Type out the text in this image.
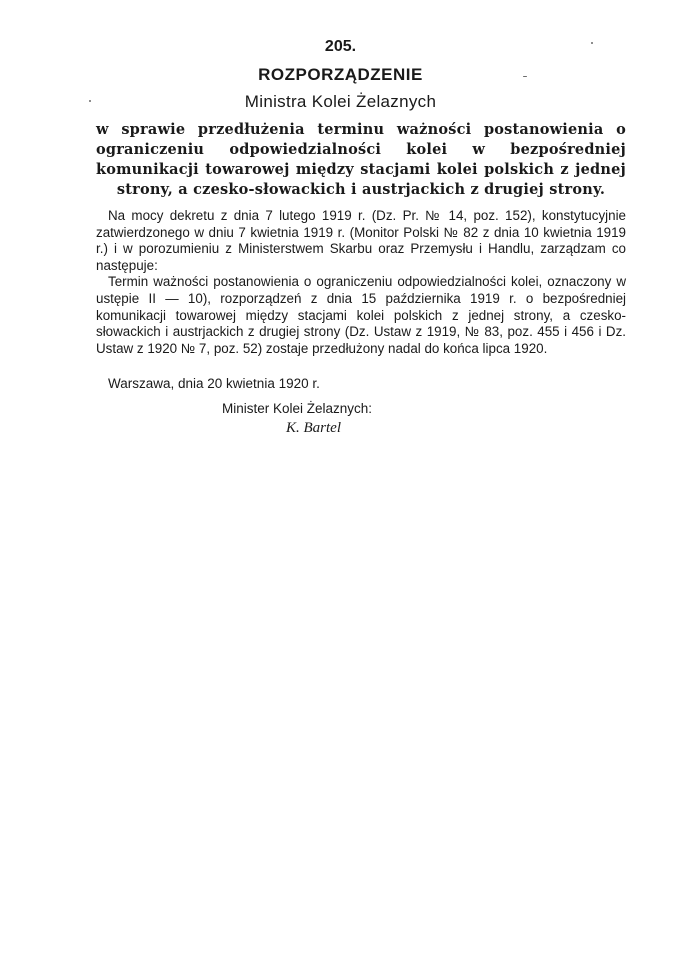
205.
ROZPORZĄDZENIE
Ministra Kolei Żelaznych
w sprawie przedłużenia terminu ważności postanowienia o ograniczeniu odpowiedzialności kolei w bezpośredniej komunikacji towarowej między stacjami kolei polskich z jednej strony, a czesko-słowackich i austrjackich z drugiej strony.

Na mocy dekretu z dnia 7 lutego 1919 r. (Dz. Pr. № 14, poz. 152), konstytucyjnie zatwierdzonego w dniu 7 kwietnia 1919 r. (Monitor Polski № 82 z dnia 10 kwietnia 1919 r.) i w porozumieniu z Ministerstwem Skarbu oraz Przemysłu i Handlu, zarządzam co następuje:

Termin ważności postanowienia o ograniczeniu odpowiedzialności kolei, oznaczony w ustępie II — 10), rozporządzeń z dnia 15 października 1919 r. o bezpośredniej komunikacji towarowej między stacjami kolei polskich z jednej strony, a czesko-słowackich i austrjackich z drugiej strony (Dz. Ustaw z 1919, № 83, poz. 455 i 456 i Dz. Ustaw z 1920 № 7, poz. 52) zostaje przedłużony nadal do końca lipca 1920.

Warszawa, dnia 20 kwietnia 1920 r.
Minister Kolei Żelaznych:
K. Bartel
